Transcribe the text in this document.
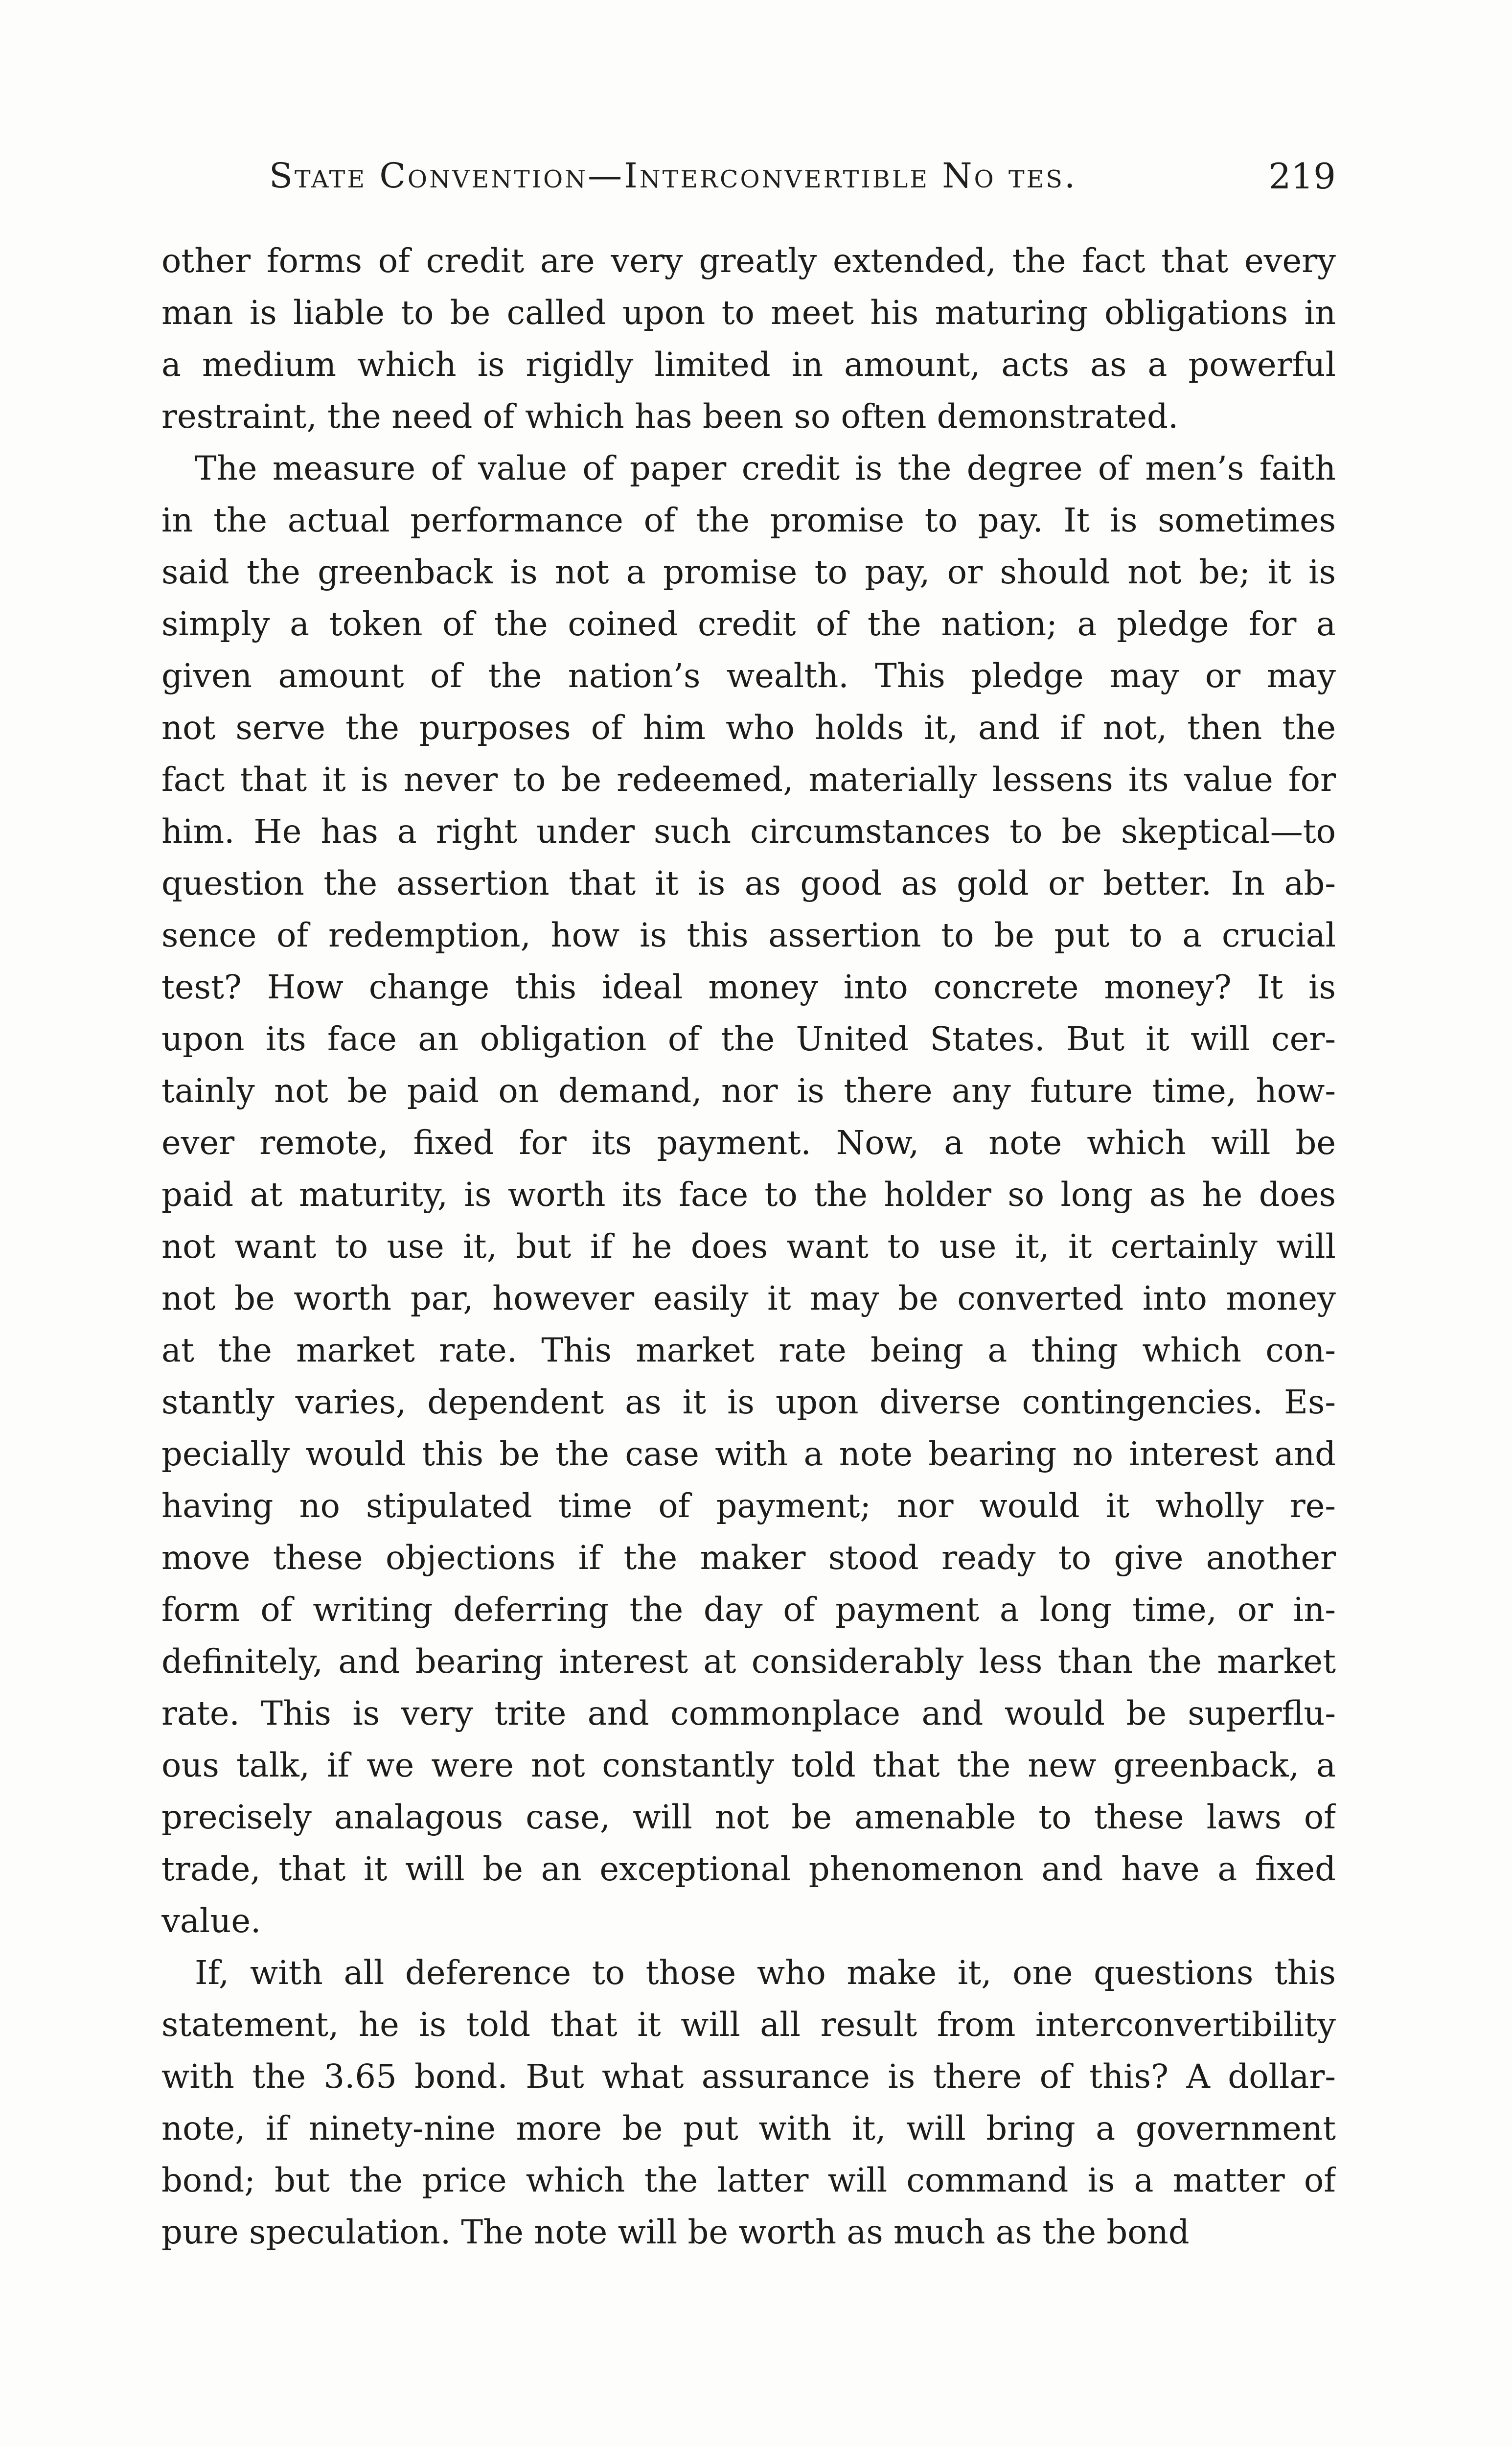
State Convention—Interconvertible No tes.	219
other forms of credit are very greatly extended, the fact that every
man is liable to be called upon to meet his maturing obligations in
a medium which is rigidly limited in amount, acts as a powerful
restraint, the need of which has been so often demonstrated.
The measure of value of paper credit is the degree of men’s faith
in the actual performance of the promise to pay. It is sometimes
said the greenback is not a promise to pay, or should not be; it is
simply a token of the coined credit of the nation; a pledge for a
given amount of the nation’s wealth. This pledge may or may
not serve the purposes of him who holds it, and if not, then the
fact that it is never to be redeemed, materially lessens its value for
him. He has a right under such circumstances to be skeptical—to
question the assertion that it is as good as gold or better. In ab-
sence of redemption, how is this assertion to be put to a crucial
test? How change this ideal money into concrete money? It is
upon its face an obligation of the United States. But it will cer-
tainly not be paid on demand, nor is there any future time, how-
ever remote, fixed for its payment. Now, a note which will be
paid at maturity, is worth its face to the holder so long as he does
not want to use it, but if he does want to use it, it certainly will
not be worth par, however easily it may be converted into money
at the market rate. This market rate being a thing which con-
stantly varies, dependent as it is upon diverse contingencies. Es-
pecially would this be the case with a note bearing no interest and
having no stipulated time of payment; nor would it wholly re-
move these objections if the maker stood ready to give another
form of writing deferring the day of payment a long time, or in-
definitely, and bearing interest at considerably less than the market
rate. This is very trite and commonplace and would be superflu-
ous talk, if we were not constantly told that the new greenback, a
precisely analagous case, will not be amenable to these laws of
trade, that it will be an exceptional phenomenon and have a fixed
value.
If, with all deference to those who make it, one questions this
statement, he is told that it will all result from interconvertibility
with the 3.65 bond. But what assurance is there of this? A dollar-
note, if ninety-nine more be put with it, will bring a government
bond; but the price which the latter will command is a matter of
pure speculation. The note will be worth as much as the bond
